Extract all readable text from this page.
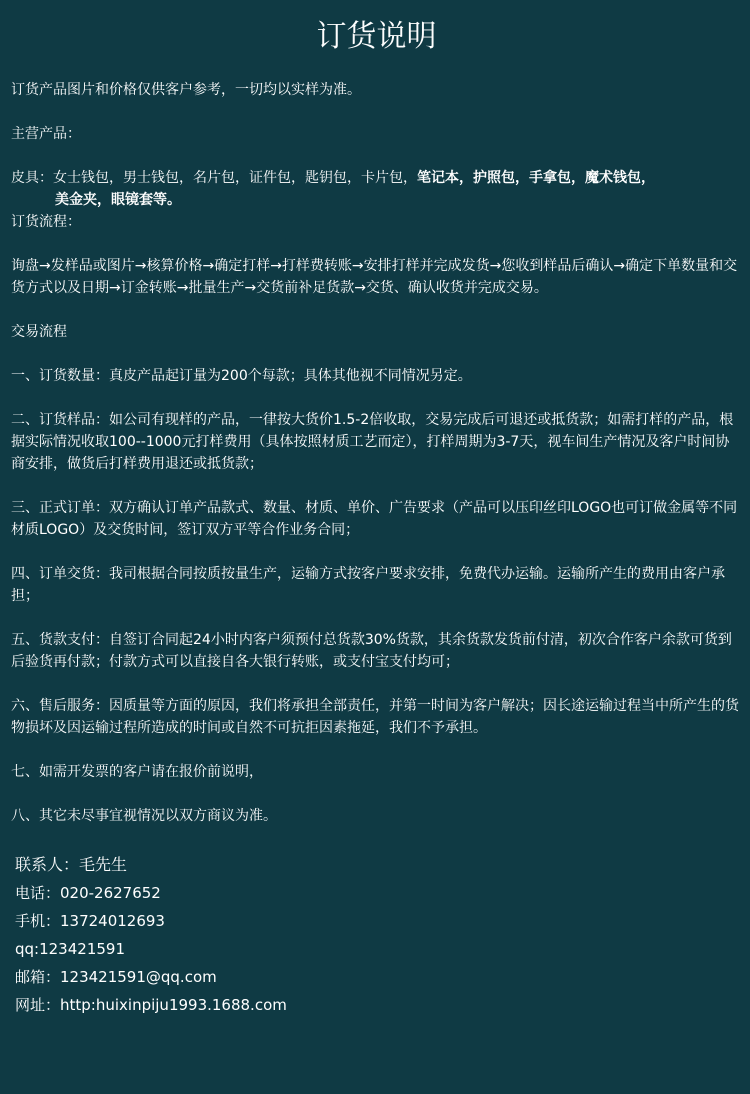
订货说明

订货产品图片和价格仅供客户参考，一切均以实样为准。

主营产品：

皮具：女士钱包，男士钱包，名片包，证件包，匙钥包，卡片包，笔记本，护照包，手拿包，魔术钱包，

美金夹，眼镜套等。

订货流程：

询盘→发样品或图片→核算价格→确定打样→打样费转账→安排打样并完成发货→您收到样品后确认→确定下单数量和交货方式以及日期→订金转账→批量生产→交货前补足货款→交货、确认收货并完成交易。

交易流程

一、订货数量：真皮产品起订量为200个每款；具体其他视不同情况另定。

二、订货样品：如公司有现样的产品，一律按大货价1.5-2倍收取，交易完成后可退还或抵货款；如需打样的产品，根据实际情况收取100--1000元打样费用（具体按照材质工艺而定），打样周期为3-7天，视车间生产情况及客户时间协商安排，做货后打样费用退还或抵货款；

三、正式订单：双方确认订单产品款式、数量、材质、单价、广告要求（产品可以压印丝印LOGO也可订做金属等不同材质LOGO）及交货时间，签订双方平等合作业务合同；

四、订单交货：我司根据合同按质按量生产，运输方式按客户要求安排，免费代办运输。运输所产生的费用由客户承担；

五、货款支付：自签订合同起24小时内客户须预付总货款30%货款，其余货款发货前付清，初次合作客户余款可货到后验货再付款；付款方式可以直接自各大银行转账，或支付宝支付均可；

六、售后服务：因质量等方面的原因，我们将承担全部责任，并第一时间为客户解决；因长途运输过程当中所产生的货物损坏及因运输过程所造成的时间或自然不可抗拒因素拖延，我们不予承担。

七、如需开发票的客户请在报价前说明，

八、其它未尽事宜视情况以双方商议为准。

联系人：毛先生

电话：020-2627652

手机：13724012693

qq:123421591

邮箱：123421591@qq.com

网址：http:huixinpiju1993.1688.com
